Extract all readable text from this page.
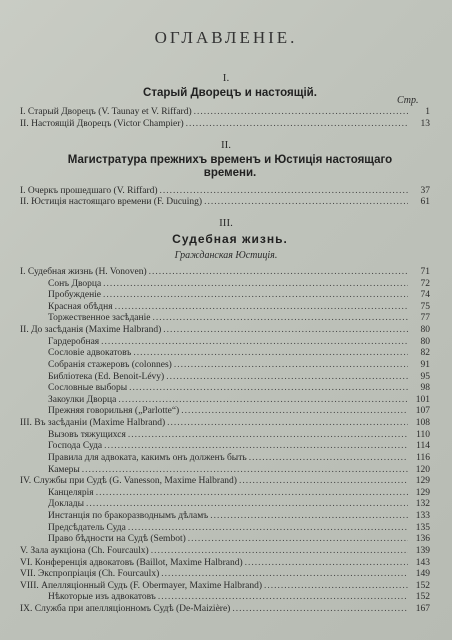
ОГЛАВЛЕНІЕ.
I.
Старый Дворецъ и настоящій.
Стр.
I. Старый Дворецъ (V. Taunay et V. Riffard) .....	1
II. Настоящій Дворецъ (Victor Champier) .....	13
I. Очеркъ прошедшаго (V. Riffard) .....	37
II. Юстиція настоящаго времени (F. Ducuing) .....	61
I. Судебная жизнь (H. Vonoven) .....	71
Сонъ Дворца .....	72
Пробужденіе .....	74
Красная обѣдня .....	75
Торжественное засѣданіе .....	77
II. До засѣданія (Maxime Halbrand) .....	80
Гардеробная .....	80
Сословіе адвокатовъ .....	82
Собранія стажеровъ (colonnes) .....	91
Библіотека (Ed. Benoit-Lévy) .....	95
Сословные выборы .....	98
Закоулки Дворца .....	101
Прежняя говорильня („Parlotte“) .....	107
III. Въ засѣданіи (Maxime Halbrand) .....	108
Вызовъ тяжущихся .....	110
Господа Суда .....	114
Правила для адвоката, какимъ онъ долженъ быть .....	116
Камеры .....	120
IV. Службы при Судѣ (G. Vanesson, Maxime Halbrand) .....	129
Канцелярія .....	129
Доклады .....	132
Инстанція по бракоразводнымъ дѣламъ .....	133
Предсѣдатель Суда .....	135
Право бѣдности на Судѣ (Sembot) .....	136
V. Зала аукціона (Ch. Fourcaulx) .....	139
VI. Конференція адвокатовъ (Baillot, Maxime Halbrand) .....	143
VII. Экспропріація (Ch. Fourcaulx) .....	149
VIII. Апелляціонный Судъ (F. Obermayer, Maxime Halbrand) .....	152
Нѣкоторые изъ адвокатовъ .....	152
IX. Служба при апелляціонномъ Судѣ (De-Maizière) .....	167
II.
Магистратура прежнихъ временъ и Юстиція настоящаго времени.
III.
Судебная жизнь.
Гражданская Юстиція.
